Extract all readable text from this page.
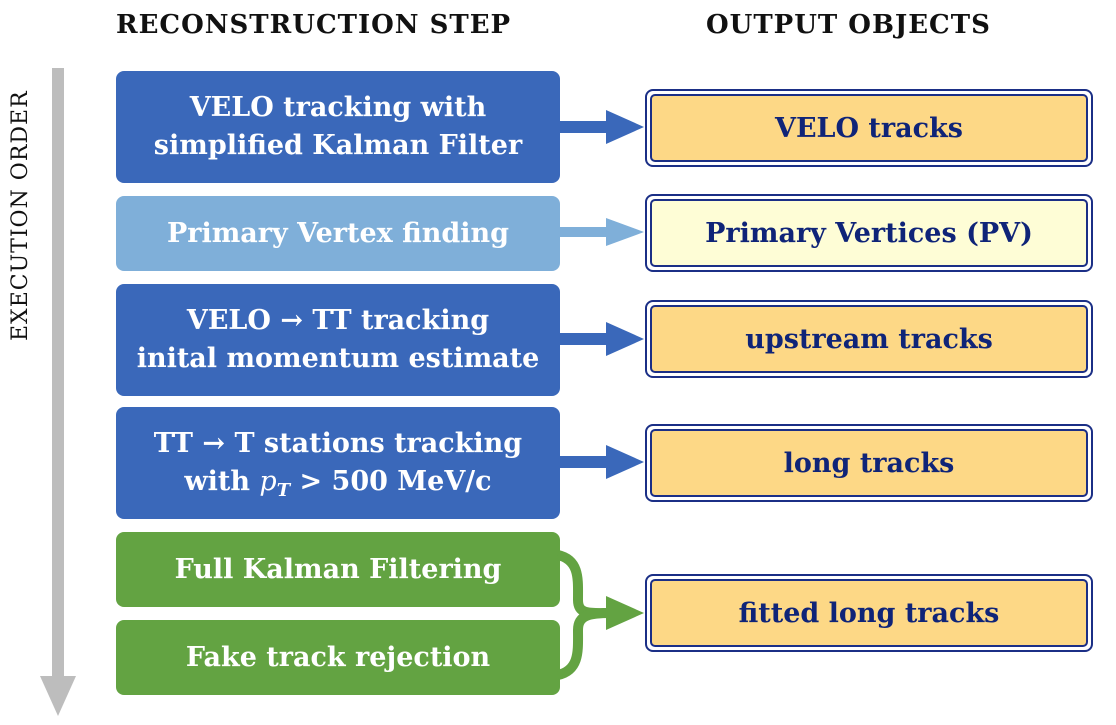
RECONSTRUCTION STEP	OUTPUT OBJECTS
EXECUTION ORDER	VELO tracking with
simplified Kalman Filter
Primary Vertex finding
VELO → TT tracking
inital momentum estimate
TT → T stations tracking
with $p_T > 500$ MeV/c
Full Kalman Filtering
Fake track rejection
VELO tracks
Primary Vertices (PV)
upstream tracks
long tracks
fitted long tracks
